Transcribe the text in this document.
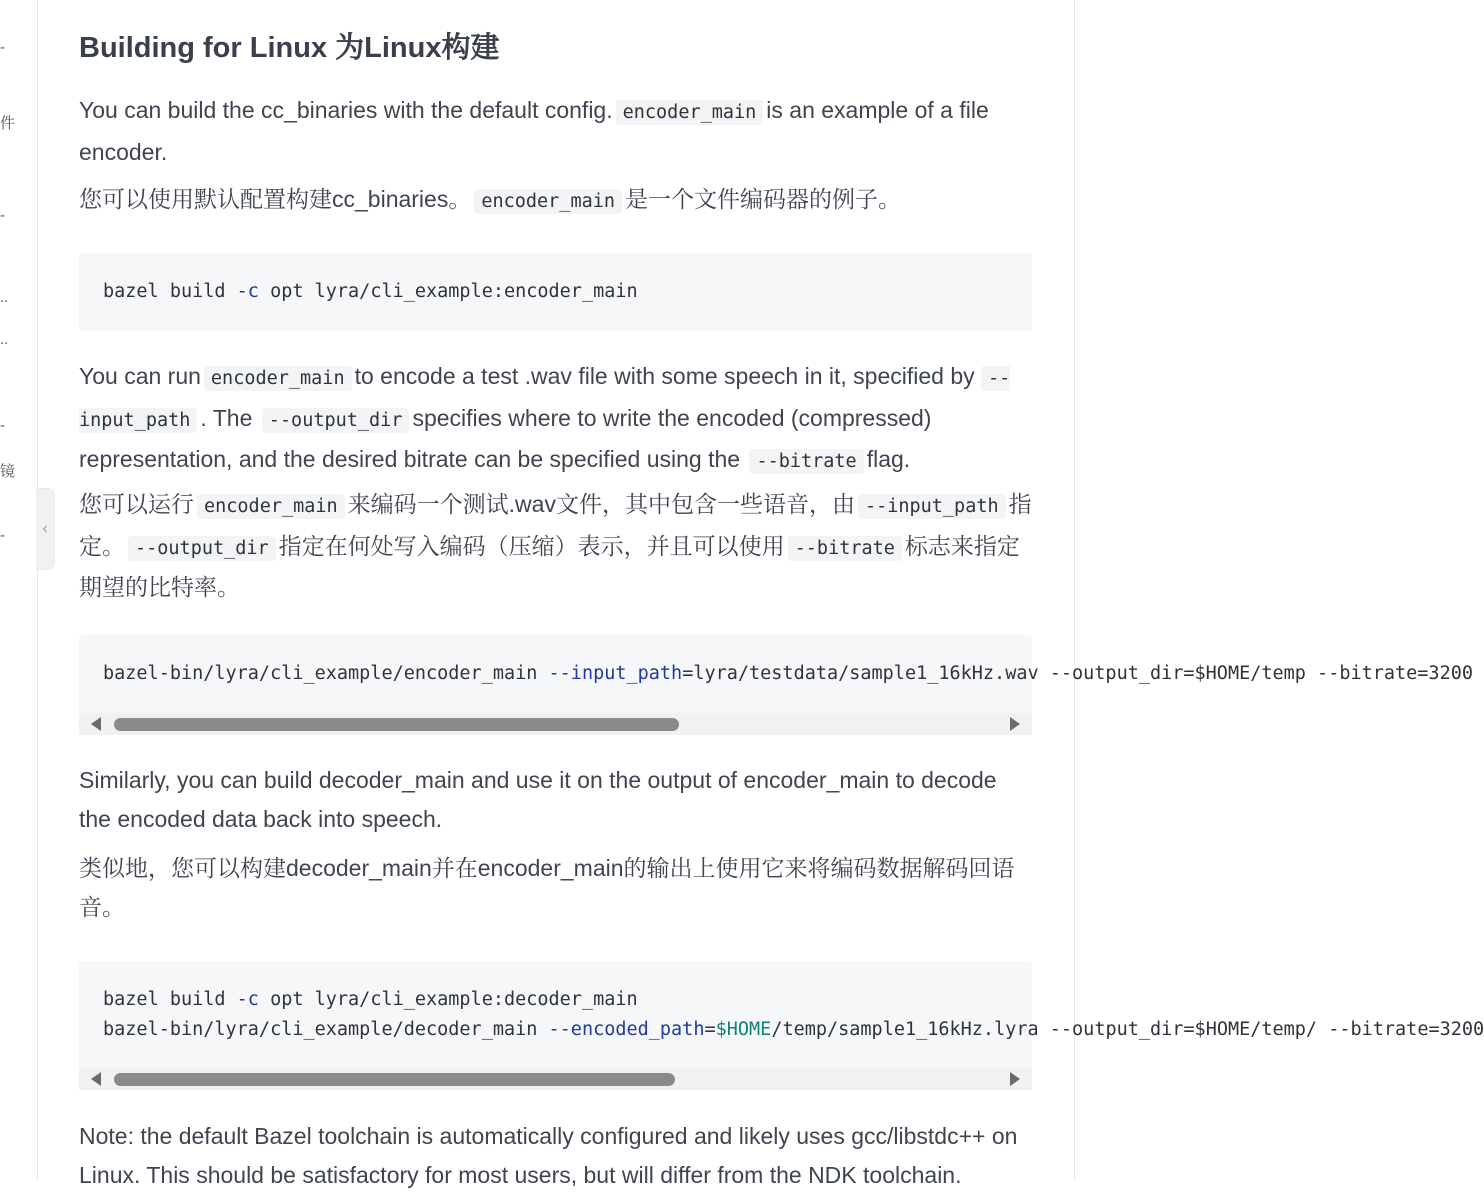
-
件
-
..
..
-
镜
- ‹
Building for Linux 为Linux构建

You can build the cc_binaries with the default config. encoder_main is an example of a file encoder.

您可以使用默认配置构建cc_binaries。 encoder_main 是一个文件编码器的例子。

bazel build -c opt lyra/cli_example:encoder_main

You can run encoder_main to encode a test .wav file with some speech in it, specified by --input_path . The --output_dir specifies where to write the encoded (compressed) representation, and the desired bitrate can be specified using the --bitrate flag.

您可以运行 encoder_main 来编码一个测试.wav文件，其中包含一些语音，由 --input_path 指定。 --output_dir 指定在何处写入编码（压缩）表示，并且可以使用 --bitrate 标志来指定期望的比特率。

bazel-bin/lyra/cli_example/encoder_main --input_path=lyra/testdata/sample1_16kHz.wav --output_dir=$HOME/temp --bitrate=3200

Similarly, you can build decoder_main and use it on the output of encoder_main to decode the encoded data back into speech.

类似地，您可以构建decoder_main并在encoder_main的输出上使用它来将编码数据解码回语音。

bazel build -c opt lyra/cli_example:decoder_main
bazel-bin/lyra/cli_example/decoder_main --encoded_path=$HOME/temp/sample1_16kHz.lyra --output_dir=$HOME/temp/ --bitrate=3200

Note: the default Bazel toolchain is automatically configured and likely uses gcc/libstdc++ on Linux. This should be satisfactory for most users, but will differ from the NDK toolchain.
